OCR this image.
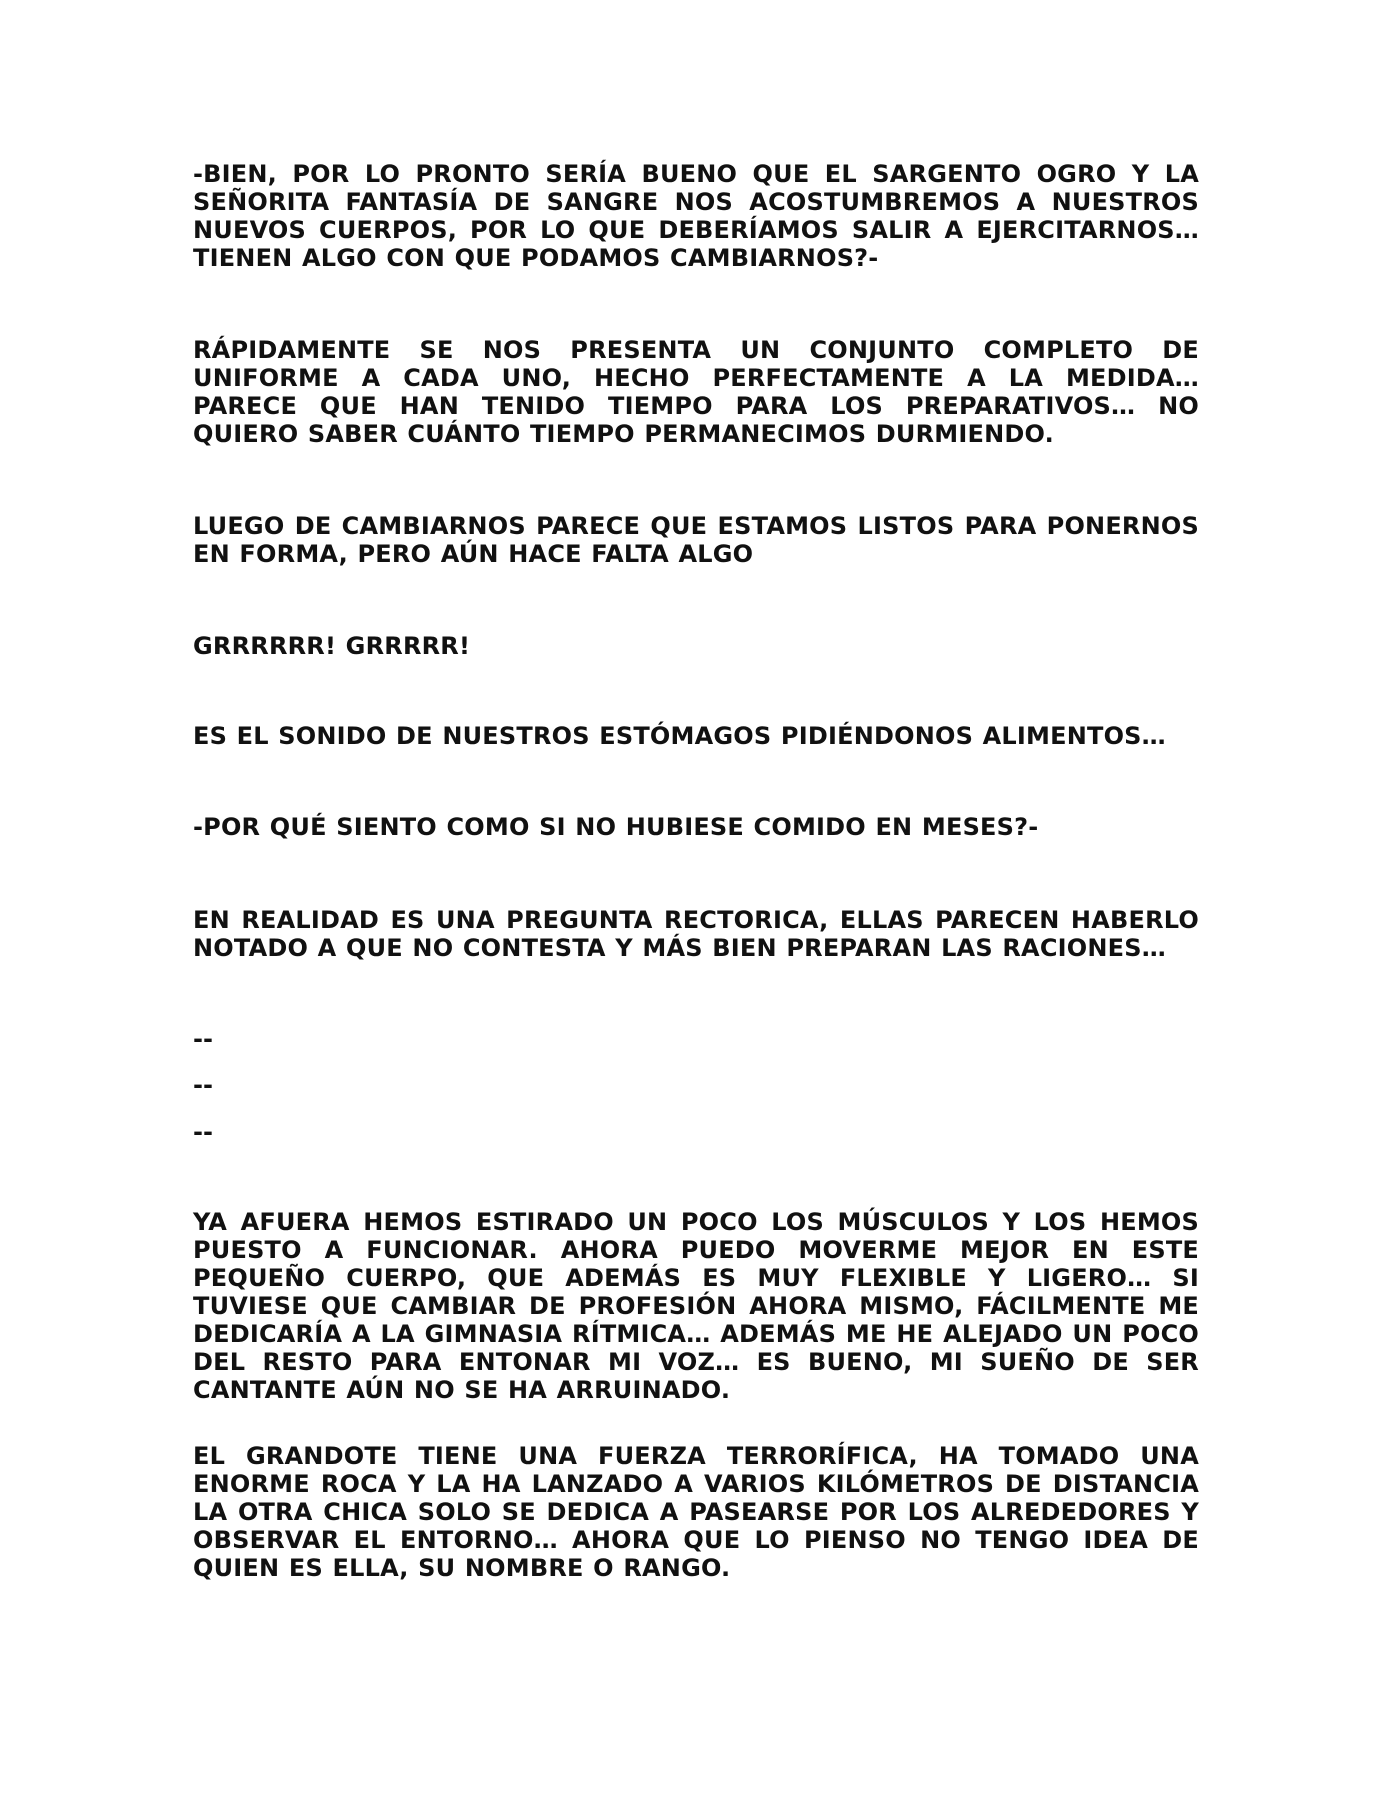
-BIEN, POR LO PRONTO SERÍA BUENO QUE EL SARGENTO OGRO Y LA SEÑORITA FANTASÍA DE SANGRE NOS ACOSTUMBREMOS A NUESTROS NUEVOS CUERPOS, POR LO QUE DEBERÍAMOS SALIR A EJERCITARNOS… TIENEN ALGO CON QUE PODAMOS CAMBIARNOS?-

RÁPIDAMENTE SE NOS PRESENTA UN CONJUNTO COMPLETO DE UNIFORME A CADA UNO, HECHO PERFECTAMENTE A LA MEDIDA… PARECE QUE HAN TENIDO TIEMPO PARA LOS PREPARATIVOS… NO QUIERO SABER CUÁNTO TIEMPO PERMANECIMOS DURMIENDO.

LUEGO DE CAMBIARNOS PARECE QUE ESTAMOS LISTOS PARA PONERNOS EN FORMA, PERO AÚN HACE FALTA ALGO

GRRRRRR! GRRRRR!

ES EL SONIDO DE NUESTROS ESTÓMAGOS PIDIÉNDONOS ALIMENTOS…

-POR QUÉ SIENTO COMO SI NO HUBIESE COMIDO EN MESES?-

EN REALIDAD ES UNA PREGUNTA RECTORICA, ELLAS PARECEN HABERLO NOTADO A QUE NO CONTESTA Y MÁS BIEN PREPARAN LAS RACIONES…

--

--

--

YA AFUERA HEMOS ESTIRADO UN POCO LOS MÚSCULOS Y LOS HEMOS PUESTO A FUNCIONAR. AHORA PUEDO MOVERME MEJOR EN ESTE PEQUEÑO CUERPO, QUE ADEMÁS ES MUY FLEXIBLE Y LIGERO… SI TUVIESE QUE CAMBIAR DE PROFESIÓN AHORA MISMO, FÁCILMENTE ME DEDICARÍA A LA GIMNASIA RÍTMICA… ADEMÁS ME HE ALEJADO UN POCO DEL RESTO PARA ENTONAR MI VOZ… ES BUENO, MI SUEÑO DE SER CANTANTE AÚN NO SE HA ARRUINADO.

EL GRANDOTE TIENE UNA FUERZA TERRORÍFICA, HA TOMADO UNA ENORME ROCA Y LA HA LANZADO A VARIOS KILÓMETROS DE DISTANCIA LA OTRA CHICA SOLO SE DEDICA A PASEARSE POR LOS ALREDEDORES Y OBSERVAR EL ENTORNO… AHORA QUE LO PIENSO NO TENGO IDEA DE QUIEN ES ELLA, SU NOMBRE O RANGO.
